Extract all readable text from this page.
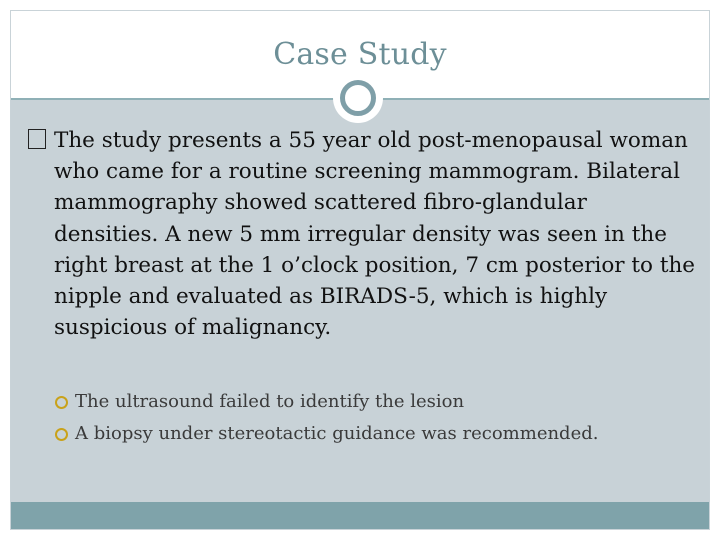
Case Study
The study presents a 55 year old post-menopausal woman who came for a routine screening mammogram. Bilateral mammography showed scattered fibro-glandular densities. A new 5 mm irregular density was seen in the right breast at the 1 o’clock position, 7 cm posterior to the nipple and evaluated as BIRADS-5, which is highly suspicious of malignancy.
The ultrasound failed to identify the lesion
A biopsy under stereotactic guidance was recommended.
